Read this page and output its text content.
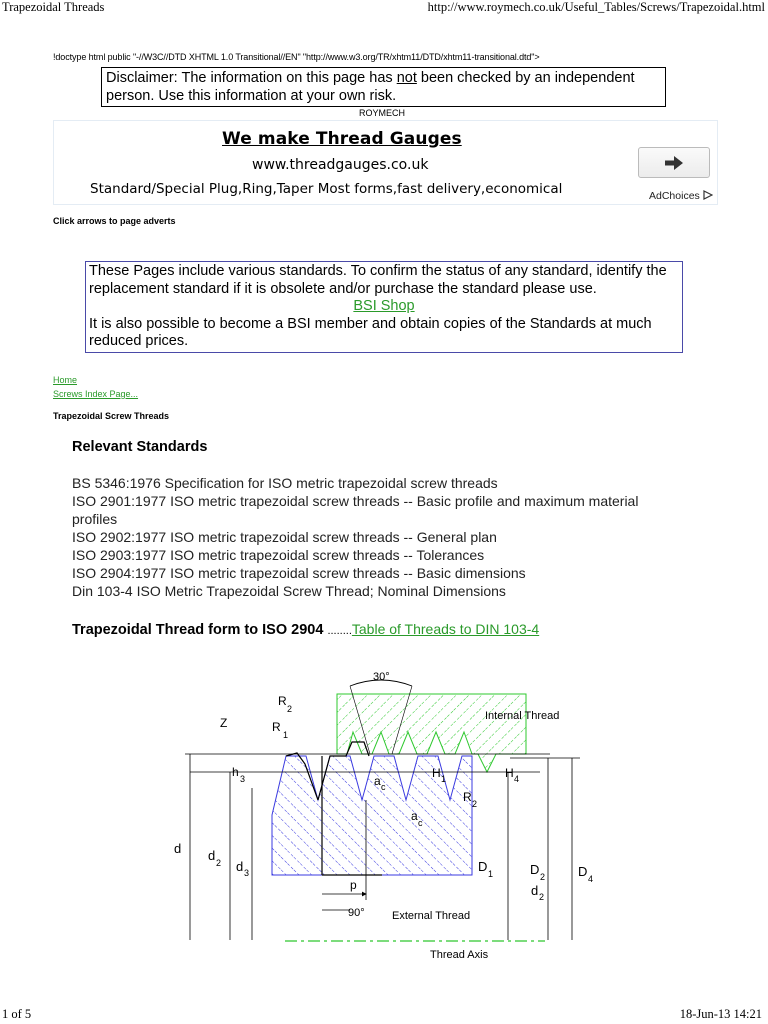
Trapezoidal Threads	http://www.roymech.co.uk/Useful_Tables/Screws/Trapezoidal.html
1 of 5	18-Jun-13 14:21
!doctype html public "-//W3C//DTD XHTML 1.0 Transitional//EN" "http://www.w3.org/TR/xhtm11/DTD/xhtm11-transitional.dtd">
Disclaimer: The information on this page has not been checked by an independent person. Use this information at your own risk.
ROYMECH
We make Thread Gauges
www.threadgauges.co.uk
Standard/Special Plug,Ring,Taper Most forms,fast delivery,economical	AdChoices
Click arrows to page adverts
These Pages include various standards. To confirm the status of any standard, identify the replacement standard if it is obsolete and/or purchase the standard please use.
BSI Shop
It is also possible to become a BSI member and obtain copies of the Standards at much reduced prices.
Home
Screws Index Page...
Trapezoidal Screw Threads
Relevant Standards
BS 5346:1976 Specification for ISO metric trapezoidal screw threads
ISO 2901:1977 ISO metric trapezoidal screw threads -- Basic profile and maximum material profiles
ISO 2902:1977 ISO metric trapezoidal screw threads -- General plan
ISO 2903:1977 ISO metric trapezoidal screw threads -- Tolerances
ISO 2904:1977 ISO metric trapezoidal screw threads -- Basic dimensions
Din 103-4 ISO Metric Trapezoidal Screw Thread; Nominal Dimensions
Trapezoidal Thread form to ISO 2904 ........Table of Threads to DIN 103-4
30°
Internal Thread
R
2
R
1
Z
h 3	H 1	H 4
a c
R 2
a c
d d 2 d 3
p
D 1	D 2	D 4
d 2
90° External Thread
Thread Axis
